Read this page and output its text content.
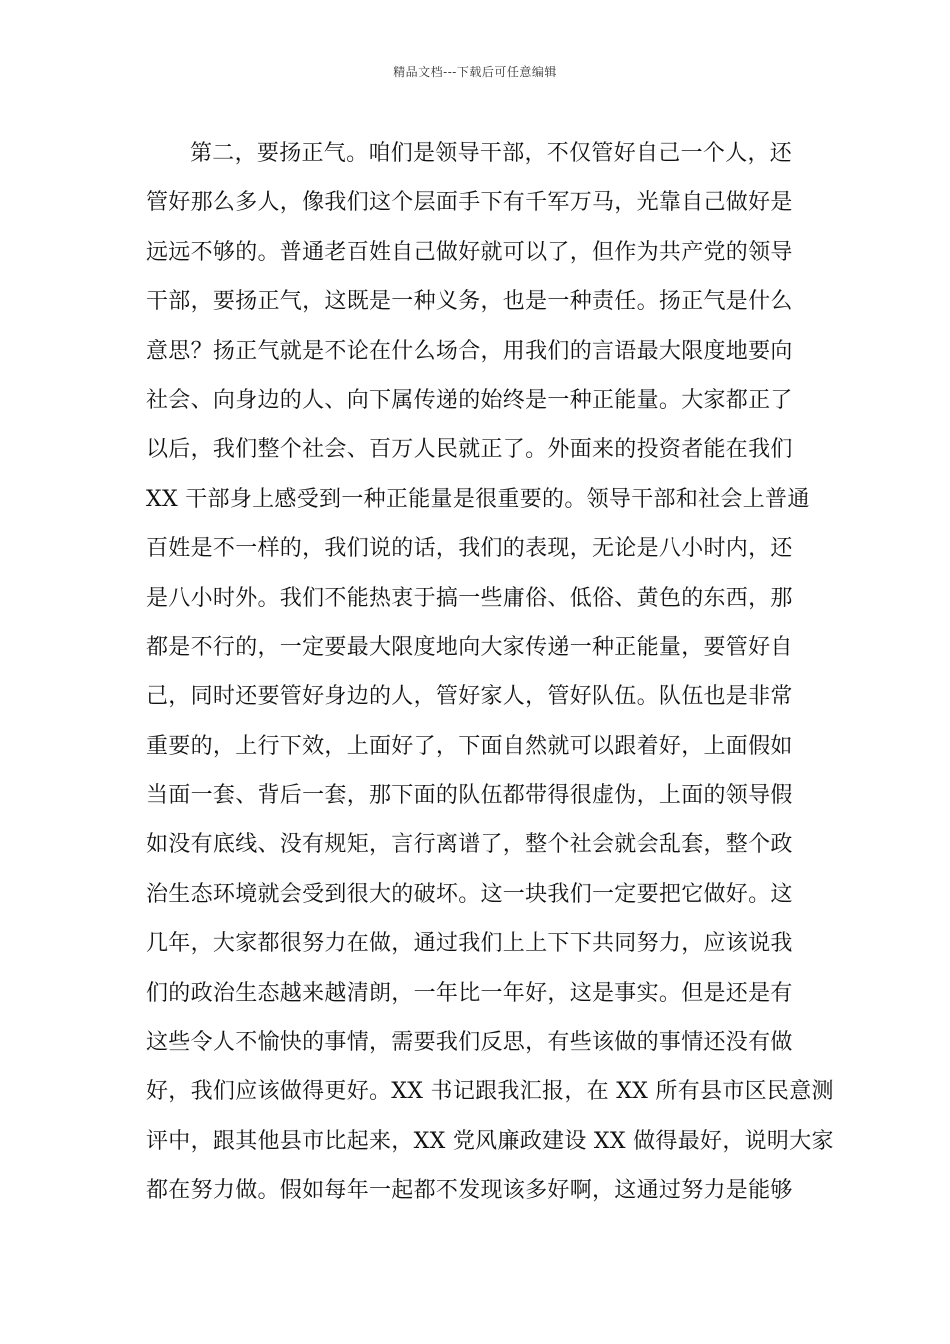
精品文档---下载后可任意编辑
第二，要扬正气。咱们是领导干部，不仅管好自己一个人，还
管好那么多人，像我们这个层面手下有千军万马，光靠自己做好是
远远不够的。普通老百姓自己做好就可以了，但作为共产党的领导
干部，要扬正气，这既是一种义务，也是一种责任。扬正气是什么
意思？扬正气就是不论在什么场合，用我们的言语最大限度地要向
社会、向身边的人、向下属传递的始终是一种正能量。大家都正了
以后，我们整个社会、百万人民就正了。外面来的投资者能在我们
XX 干部身上感受到一种正能量是很重要的。领导干部和社会上普通
百姓是不一样的，我们说的话，我们的表现，无论是八小时内，还
是八小时外。我们不能热衷于搞一些庸俗、低俗、黄色的东西，那
都是不行的，一定要最大限度地向大家传递一种正能量，要管好自
己，同时还要管好身边的人，管好家人，管好队伍。队伍也是非常
重要的，上行下效，上面好了，下面自然就可以跟着好，上面假如
当面一套、背后一套，那下面的队伍都带得很虚伪，上面的领导假
如没有底线、没有规矩，言行离谱了，整个社会就会乱套，整个政
治生态环境就会受到很大的破坏。这一块我们一定要把它做好。这
几年，大家都很努力在做，通过我们上上下下共同努力，应该说我
们的政治生态越来越清朗，一年比一年好，这是事实。但是还是有
这些令人不愉快的事情，需要我们反思，有些该做的事情还没有做
好，我们应该做得更好。XX 书记跟我汇报，在 XX 所有县市区民意测
评中，跟其他县市比起来，XX 党风廉政建设 XX 做得最好，说明大家
都在努力做。假如每年一起都不发现该多好啊，这通过努力是能够
